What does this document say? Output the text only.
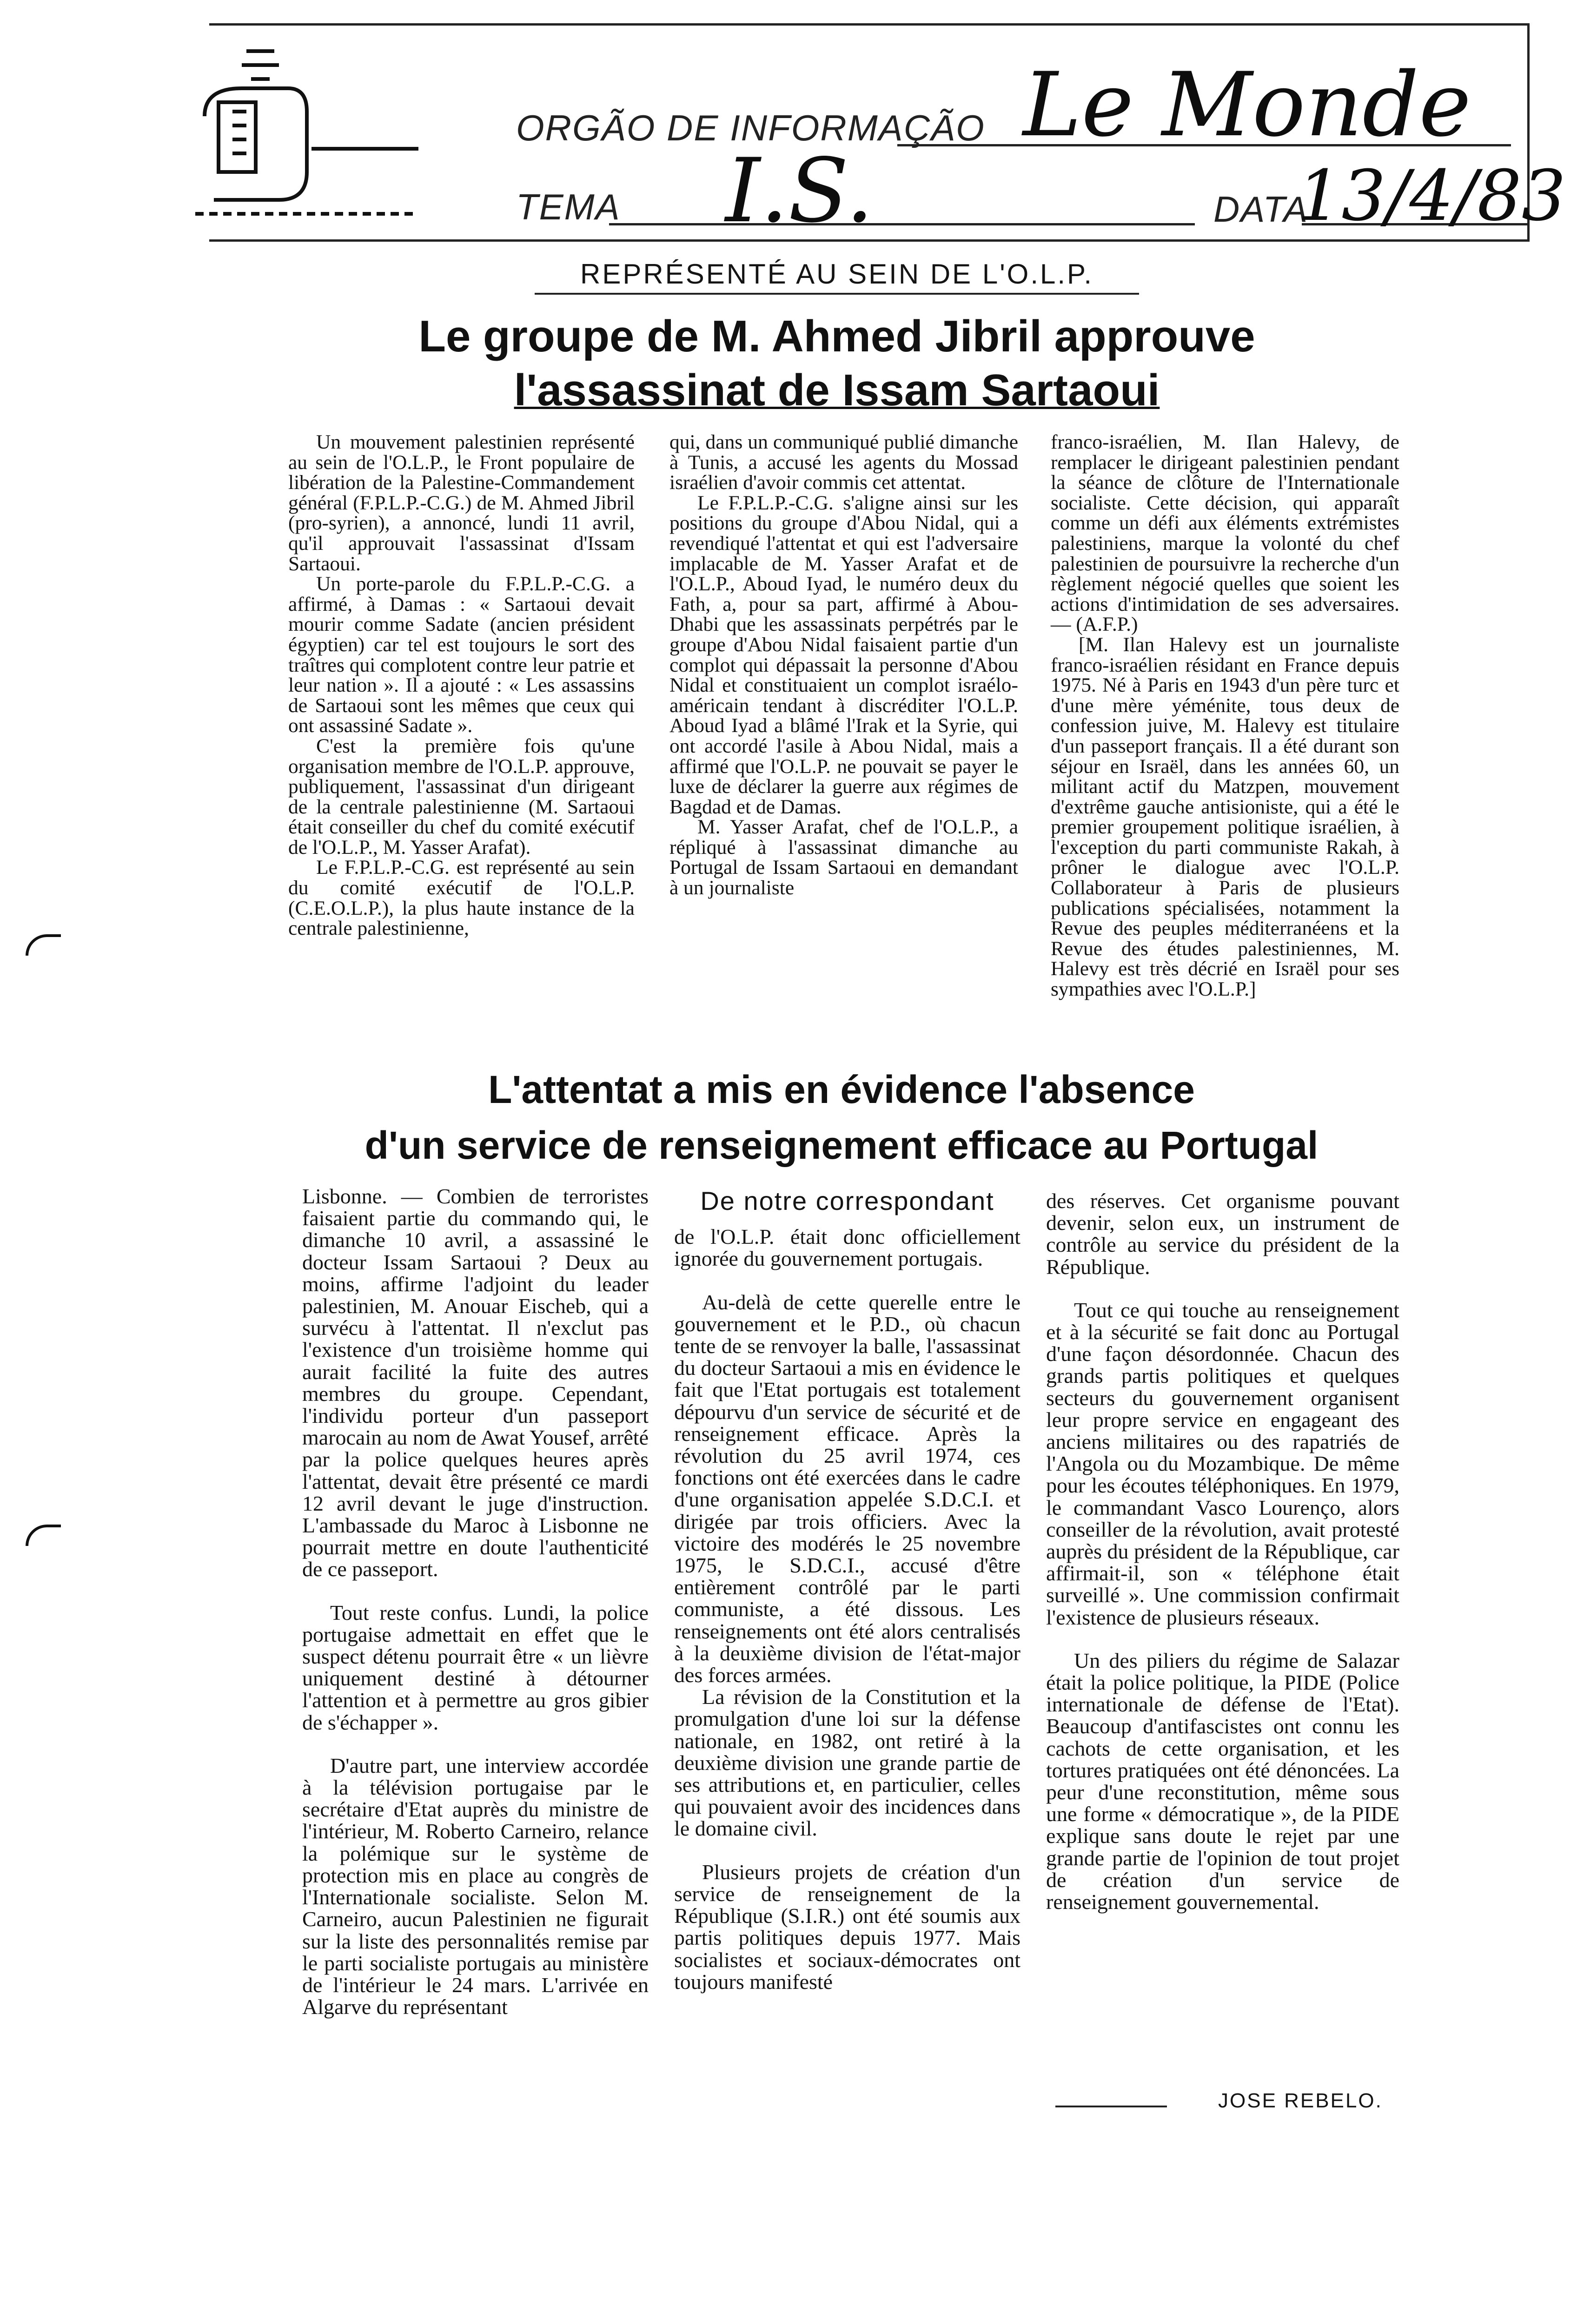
ORGÃO DE INFORMAÇÃO Le Monde
TEMA I.S.	DATA
13/4/83
REPRÉSENTÉ AU SEIN DE L'O.L.P.
Le groupe de M. Ahmed Jibril approuve
l'assassinat de Issam Sartaoui

Un mouvement palestinien représenté au sein de l'O.L.P., le Front populaire de libération de la Palestine-Commandement général (F.P.L.P.-C.G.) de M. Ahmed Jibril (pro-syrien), a annoncé, lundi 11 avril, qu'il approuvait l'assassinat d'Issam Sartaoui.

Un porte-parole du F.P.L.P.-C.G. a affirmé, à Damas : « Sartaoui devait mourir comme Sadate (ancien président égyptien) car tel est toujours le sort des traîtres qui complotent contre leur patrie et leur nation ». Il a ajouté : « Les assassins de Sartaoui sont les mêmes que ceux qui ont assassiné Sadate ».

C'est la première fois qu'une organisation membre de l'O.L.P. approuve, publiquement, l'assassinat d'un dirigeant de la centrale palestinienne (M. Sartaoui était conseiller du chef du comité exécutif de l'O.L.P., M. Yasser Arafat).

Le F.P.L.P.-C.G. est représenté au sein du comité exécutif de l'O.L.P. (C.E.O.L.P.), la plus haute instance de la centrale palestinienne,

qui, dans un communiqué publié dimanche à Tunis, a accusé les agents du Mossad israélien d'avoir commis cet attentat.

Le F.P.L.P.-C.G. s'aligne ainsi sur les positions du groupe d'Abou Nidal, qui a revendiqué l'attentat et qui est l'adversaire implacable de M. Yasser Arafat et de l'O.L.P., Aboud Iyad, le numéro deux du Fath, a, pour sa part, affirmé à Abou-Dhabi que les assassinats perpétrés par le groupe d'Abou Nidal faisaient partie d'un complot qui dépassait la personne d'Abou Nidal et constituaient un complot israélo-américain tendant à discréditer l'O.L.P. Aboud Iyad a blâmé l'Irak et la Syrie, qui ont accordé l'asile à Abou Nidal, mais a affirmé que l'O.L.P. ne pouvait se payer le luxe de déclarer la guerre aux régimes de Bagdad et de Damas.

M. Yasser Arafat, chef de l'O.L.P., a répliqué à l'assassinat dimanche au Portugal de Issam Sartaoui en demandant à un journaliste

franco-israélien, M. Ilan Halevy, de remplacer le dirigeant palestinien pendant la séance de clôture de l'Internationale socialiste. Cette décision, qui apparaît comme un défi aux éléments extrémistes palestiniens, marque la volonté du chef palestinien de poursuivre la recherche d'un règlement négocié quelles que soient les actions d'intimidation de ses adversaires. — (A.F.P.)

[M. Ilan Halevy est un journaliste franco-israélien résidant en France depuis 1975. Né à Paris en 1943 d'un père turc et d'une mère yéménite, tous deux de confession juive, M. Halevy est titulaire d'un passeport français. Il a été durant son séjour en Israël, dans les années 60, un militant actif du Matzpen, mouvement d'extrême gauche antisioniste, qui a été le premier groupement politique israélien, à l'exception du parti communiste Rakah, à prôner le dialogue avec l'O.L.P. Collaborateur à Paris de plusieurs publications spécialisées, notamment la Revue des peuples méditerranéens et la Revue des études palestiniennes, M. Halevy est très décrié en Israël pour ses sympathies avec l'O.L.P.]

L'attentat a mis en évidence l'absence
d'un service de renseignement efficace au Portugal

Lisbonne. — Combien de terroristes faisaient partie du commando qui, le dimanche 10 avril, a assassiné le docteur Issam Sartaoui ? Deux au moins, affirme l'adjoint du leader palestinien, M. Anouar Eischeb, qui a survécu à l'attentat. Il n'exclut pas l'existence d'un troisième homme qui aurait facilité la fuite des autres membres du groupe. Cependant, l'individu porteur d'un passeport marocain au nom de Awat Yousef, arrêté par la police quelques heures après l'attentat, devait être présenté ce mardi 12 avril devant le juge d'instruction. L'ambassade du Maroc à Lisbonne ne pourrait mettre en doute l'authenticité de ce passeport.

Tout reste confus. Lundi, la police portugaise admettait en effet que le suspect détenu pourrait être « un lièvre uniquement destiné à détourner l'attention et à permettre au gros gibier de s'échapper ».

D'autre part, une interview accordée à la télévision portugaise par le secrétaire d'Etat auprès du ministre de l'intérieur, M. Roberto Carneiro, relance la polémique sur le système de protection mis en place au congrès de l'Internationale socialiste. Selon M. Carneiro, aucun Palestinien ne figurait sur la liste des personnalités remise par le parti socialiste portugais au ministère de l'intérieur le 24 mars. L'arrivée en Algarve du représentant

De notre correspondant

de l'O.L.P. était donc officiellement ignorée du gouvernement portugais.

Au-delà de cette querelle entre le gouvernement et le P.D., où chacun tente de se renvoyer la balle, l'assassinat du docteur Sartaoui a mis en évidence le fait que l'Etat portugais est totalement dépourvu d'un service de sécurité et de renseignement efficace. Après la révolution du 25 avril 1974, ces fonctions ont été exercées dans le cadre d'une organisation appelée S.D.C.I. et dirigée par trois officiers. Avec la victoire des modérés le 25 novembre 1975, le S.D.C.I., accusé d'être entièrement contrôlé par le parti communiste, a été dissous. Les renseignements ont été alors centralisés à la deuxième division de l'état-major des forces armées.

La révision de la Constitution et la promulgation d'une loi sur la défense nationale, en 1982, ont retiré à la deuxième division une grande partie de ses attributions et, en particulier, celles qui pouvaient avoir des incidences dans le domaine civil.

Plusieurs projets de création d'un service de renseignement de la République (S.I.R.) ont été soumis aux partis politiques depuis 1977. Mais socialistes et sociaux-démocrates ont toujours manifesté

des réserves. Cet organisme pouvant devenir, selon eux, un instrument de contrôle au service du président de la République.

Tout ce qui touche au renseignement et à la sécurité se fait donc au Portugal d'une façon désordonnée. Chacun des grands partis politiques et quelques secteurs du gouvernement organisent leur propre service en engageant des anciens militaires ou des rapatriés de l'Angola ou du Mozambique. De même pour les écoutes téléphoniques. En 1979, le commandant Vasco Lourenço, alors conseiller de la révolution, avait protesté auprès du président de la République, car affirmait-il, son « téléphone était surveillé ». Une commission confirmait l'existence de plusieurs réseaux.

Un des piliers du régime de Salazar était la police politique, la PIDE (Police internationale de défense de l'Etat). Beaucoup d'antifascistes ont connu les cachots de cette organisation, et les tortures pratiquées ont été dénoncées. La peur d'une reconstitution, même sous une forme « démocratique », de la PIDE explique sans doute le rejet par une grande partie de l'opinion de tout projet de création d'un service de renseignement gouvernemental.

JOSE REBELO.
